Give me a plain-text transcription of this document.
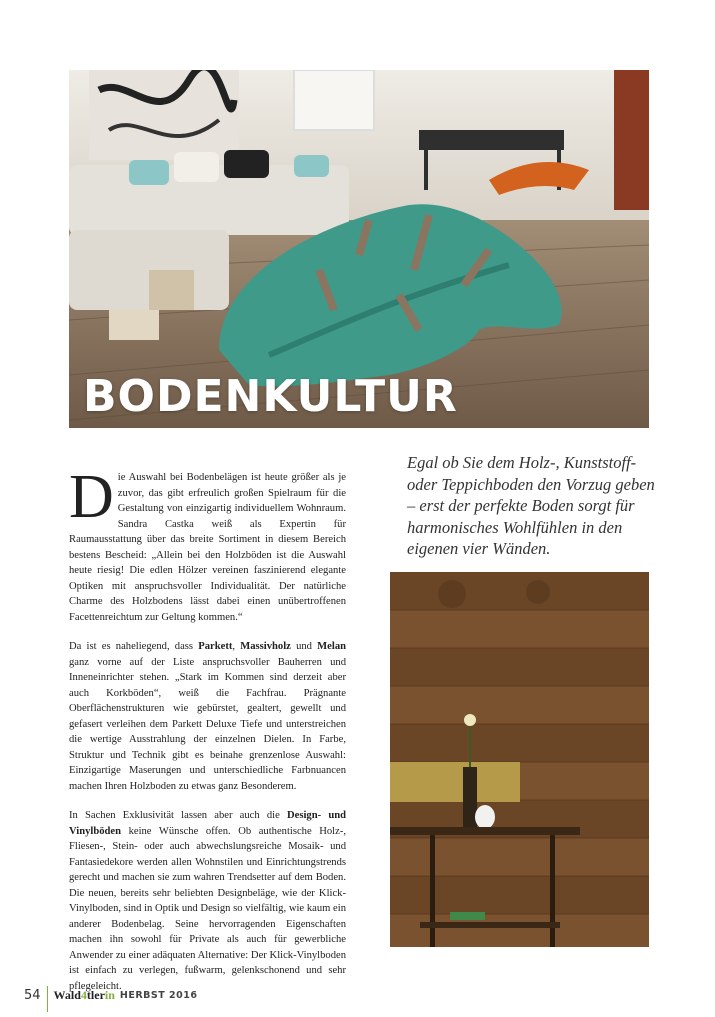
BODENKULTUR
Egal ob Sie dem Holz-, Kunststoff- oder Teppichboden den Vorzug geben – erst der perfekte Boden sorgt für harmonisches Wohlfühlen in den eigenen vier Wänden.

Die Auswahl bei Bodenbelägen ist heute größer als je zuvor, das gibt erfreulich großen Spielraum für die Gestaltung von einzigartig individuellem Wohnraum. Sandra Castka weiß als Expertin für Raumausstattung über das breite Sortiment in diesem Bereich bestens Bescheid: „Allein bei den Holzböden ist die Auswahl heute riesig! Die edlen Hölzer vereinen faszinierend elegante Optiken mit anspruchsvoller Individualität. Der natürliche Charme des Holzbodens lässt dabei einen unübertroffenen Facettenreichtum zur Geltung kommen.“

Da ist es naheliegend, dass Parkett, Massivholz und Melan ganz vorne auf der Liste anspruchsvoller Bauherren und Inneneinrichter stehen. „Stark im Kommen sind derzeit aber auch Korkböden“, weiß die Fachfrau. Prägnante Oberflächenstrukturen wie gebürstet, gealtert, gewellt und gefasert verleihen dem Parkett Deluxe Tiefe und unterstreichen die wertige Ausstrahlung der einzelnen Dielen. In Farbe, Struktur und Technik gibt es beinahe grenzenlose Auswahl: Einzigartige Maserungen und unterschiedliche Farbnuancen machen Ihren Holzboden zu etwas ganz Besonderem.

In Sachen Exklusivität lassen aber auch die Design- und Vinylböden keine Wünsche offen. Ob authentische Holz-, Fliesen-, Stein- oder auch abwechslungsreiche Mosaik- und Fantasiedekore werden allen Wohnstilen und Einrichtungstrends gerecht und machen sie zum wahren Trendsetter auf dem Boden. Die neuen, bereits sehr beliebten Designbeläge, wie der Klick-Vinylboden, sind in Optik und Design so vielfältig, wie kaum ein anderer Bodenbelag. Seine hervorragenden Eigenschaften machen ihn sowohl für Private als auch für gewerbliche Anwender zu einer adäquaten Alternative: Der Klick-Vinylboden ist einfach zu verlegen, fußwarm, gelenkschonend und sehr pflegeleicht.

54 Wald4tlerin HERBST 2016
